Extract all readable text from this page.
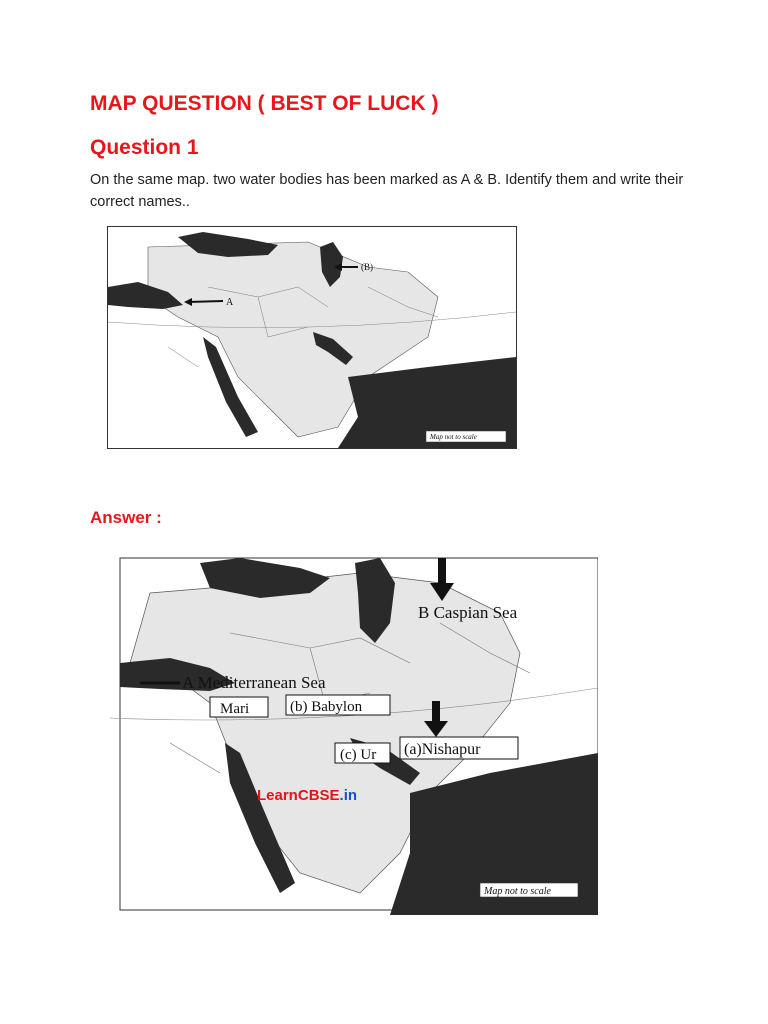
MAP QUESTION ( BEST OF LUCK )
Question 1

On the same map. two water bodies has been marked as A & B. Identify them and write their correct names..

A
(B)
Map not to scale
Answer :
B Caspian Sea
A Mediterranean Sea
Mari	(b) Babylon
(c) Ur (a)Nishapur
LearnCBSE.in
Map not to scale
